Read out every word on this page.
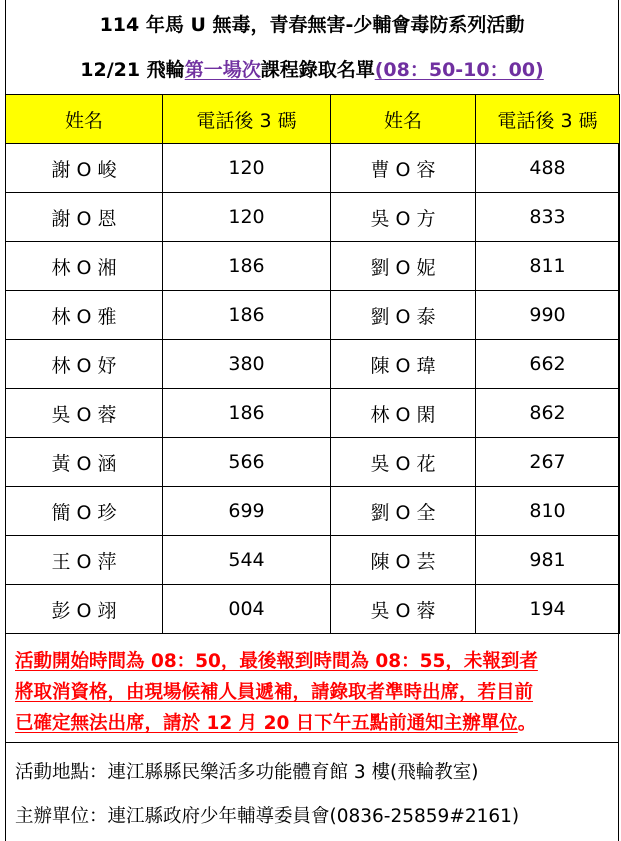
114 年馬 U 無毒，青春無害-少輔會毒防系列活動
12/21 飛輪第一場次課程錄取名單(08：50-10：00)
姓名	電話後 3 碼	姓名	電話後 3 碼
謝 O 峻	120	曹 O 容	488
謝 O 恩	120	吳 O 方	833
林 O 湘	186	劉 O 妮	811
林 O 雅	186	劉 O 泰	990
林 O 妤	380	陳 O 瑋	662
吳 O 蓉	186	林 O 閑	862
黃 O 涵	566	吳 O 花	267
簡 O 珍	699	劉 O 全	810
王 O 萍	544	陳 O 芸	981
彭 O 翊	004	吳 O 蓉	194
活動開始時間為 08：50，最後報到時間為 08：55，未報到者
將取消資格，由現場候補人員遞補，請錄取者準時出席，若目前
已確定無法出席，請於 12 月 20 日下午五點前通知主辦單位。
活動地點：連江縣縣民樂活多功能體育館 3 樓(飛輪教室)
主辦單位：連江縣政府少年輔導委員會(0836-25859#2161)
